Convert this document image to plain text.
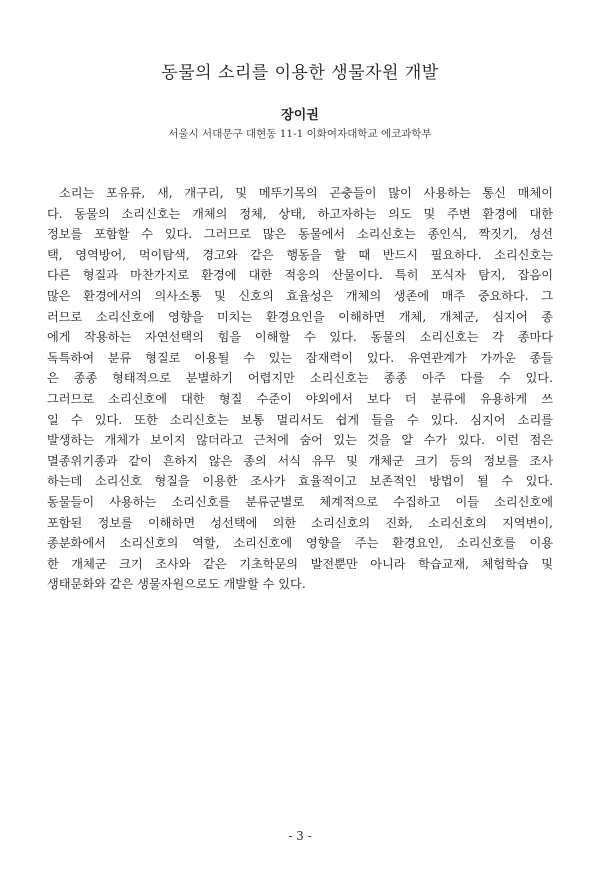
동물의 소리를 이용한 생물자원 개발

장이권

서울시 서대문구 대현동 11-1 이화여자대학교 에코과학부

소리는 포유류, 새, 개구리, 및 메뚜기목의 곤충들이 많이 사용하는 통신 매체이
다. 동물의 소리신호는 개체의 정체, 상태, 하고자하는 의도 및 주변 환경에 대한
정보를 포함할 수 있다. 그러므로 많은 동물에서 소리신호는 종인식, 짝짓기, 성선
택, 영역방어, 먹이탐색, 경고와 같은 행동을 할 때 반드시 필요하다. 소리신호는
다른 형질과 마찬가지로 환경에 대한 적응의 산물이다. 특히 포식자 탐지, 잡음이
많은 환경에서의 의사소통 및 신호의 효율성은 개체의 생존에 매주 중요하다. 그
러므로 소리신호에 영향을 미치는 환경요인을 이해하면 개체, 개체군, 심지어 종
에게 작용하는 자연선택의 힘을 이해할 수 있다. 동물의 소리신호는 각 종마다
독특하여 분류 형질로 이용될 수 있는 잠재력이 있다. 유연관계가 가까운 종들
은 종종 형태적으로 분별하기 어렵지만 소리신호는 종종 아주 다를 수 있다.
그러므로 소리신호에 대한 형질 수준이 야외에서 보다 더 분류에 유용하게 쓰
일 수 있다. 또한 소리신호는 보통 멀리서도 쉽게 들을 수 있다. 심지어 소리를
발생하는 개체가 보이지 않더라고 근처에 숨어 있는 것을 알 수가 있다. 이런 점은
멸종위기종과 같이 흔하지 않은 종의 서식 유무 및 개체군 크기 등의 정보를 조사
하는데 소리신호 형질을 이용한 조사가 효율적이고 보존적인 방법이 될 수 있다.
동물들이 사용하는 소리신호를 분류군별로 체계적으로 수집하고 이들 소리신호에
포함된 정보를 이해하면 성선택에 의한 소리신호의 진화, 소리신호의 지역변이,
종분화에서 소리신호의 역할, 소리신호에 영향을 주는 환경요인, 소리신호를 이용
한 개체군 크기 조사와 같은 기초학문의 발전뿐만 아니라 학습교재, 체험학습 및
생태문화와 같은 생물자원으로도 개발할 수 있다.

- 3 -
